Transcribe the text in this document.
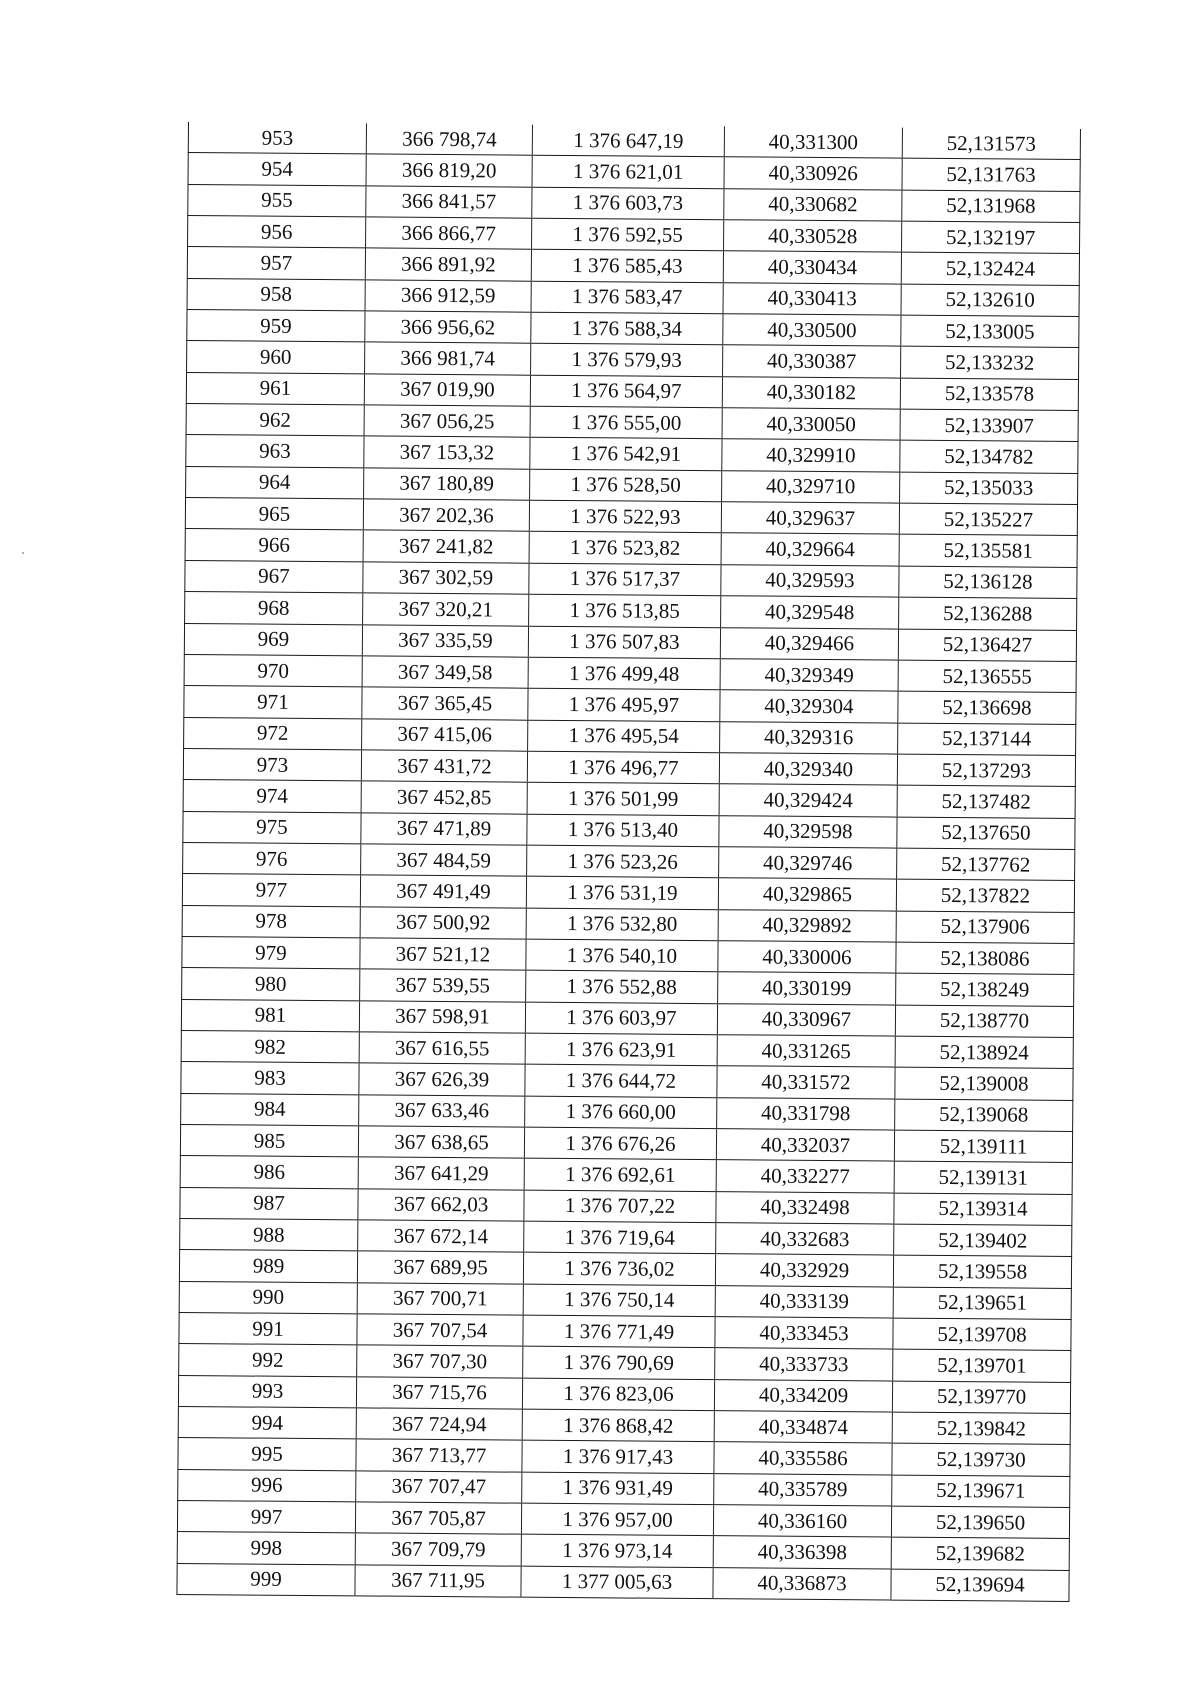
953	366 798,74	1 376 647,19	40,331300	52,131573
954	366 819,20	1 376 621,01	40,330926	52,131763
955	366 841,57	1 376 603,73	40,330682	52,131968
956	366 866,77	1 376 592,55	40,330528	52,132197
957	366 891,92	1 376 585,43	40,330434	52,132424
958	366 912,59	1 376 583,47	40,330413	52,132610
959	366 956,62	1 376 588,34	40,330500	52,133005
960	366 981,74	1 376 579,93	40,330387	52,133232
961	367 019,90	1 376 564,97	40,330182	52,133578
962	367 056,25	1 376 555,00	40,330050	52,133907
963	367 153,32	1 376 542,91	40,329910	52,134782
964	367 180,89	1 376 528,50	40,329710	52,135033
965	367 202,36	1 376 522,93	40,329637	52,135227
966	367 241,82	1 376 523,82	40,329664	52,135581
967	367 302,59	1 376 517,37	40,329593	52,136128
968	367 320,21	1 376 513,85	40,329548	52,136288
969	367 335,59	1 376 507,83	40,329466	52,136427
970	367 349,58	1 376 499,48	40,329349	52,136555
971	367 365,45	1 376 495,97	40,329304	52,136698
972	367 415,06	1 376 495,54	40,329316	52,137144
973	367 431,72	1 376 496,77	40,329340	52,137293
974	367 452,85	1 376 501,99	40,329424	52,137482
975	367 471,89	1 376 513,40	40,329598	52,137650
976	367 484,59	1 376 523,26	40,329746	52,137762
977	367 491,49	1 376 531,19	40,329865	52,137822
978	367 500,92	1 376 532,80	40,329892	52,137906
979	367 521,12	1 376 540,10	40,330006	52,138086
980	367 539,55	1 376 552,88	40,330199	52,138249
981	367 598,91	1 376 603,97	40,330967	52,138770
982	367 616,55	1 376 623,91	40,331265	52,138924
983	367 626,39	1 376 644,72	40,331572	52,139008
984	367 633,46	1 376 660,00	40,331798	52,139068
985	367 638,65	1 376 676,26	40,332037	52,139111
986	367 641,29	1 376 692,61	40,332277	52,139131
987	367 662,03	1 376 707,22	40,332498	52,139314
988	367 672,14	1 376 719,64	40,332683	52,139402
989	367 689,95	1 376 736,02	40,332929	52,139558
990	367 700,71	1 376 750,14	40,333139	52,139651
991	367 707,54	1 376 771,49	40,333453	52,139708
992	367 707,30	1 376 790,69	40,333733	52,139701
993	367 715,76	1 376 823,06	40,334209	52,139770
994	367 724,94	1 376 868,42	40,334874	52,139842
995	367 713,77	1 376 917,43	40,335586	52,139730
996	367 707,47	1 376 931,49	40,335789	52,139671
997	367 705,87	1 376 957,00	40,336160	52,139650
998	367 709,79	1 376 973,14	40,336398	52,139682
999	367 711,95	1 377 005,63	40,336873	52,139694
